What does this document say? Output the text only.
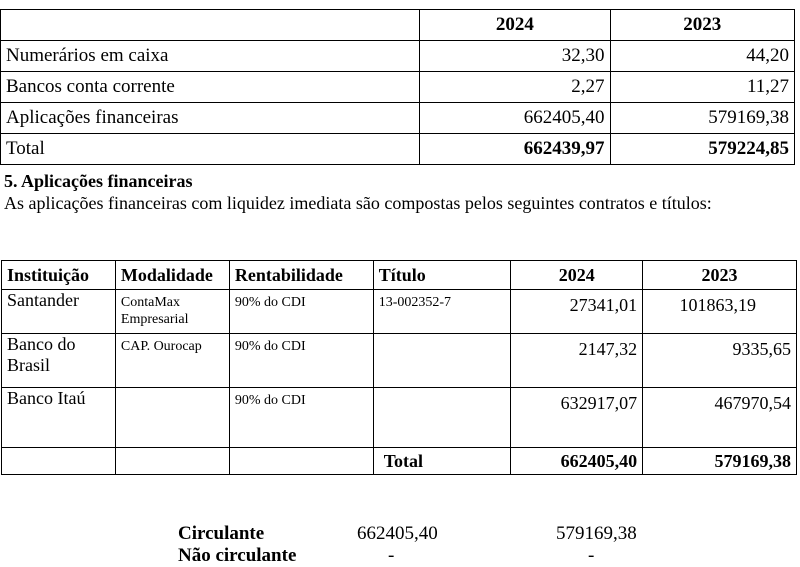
	2024	2023
Numerários em caixa	32,30	44,20
Bancos conta corrente	2,27	11,27
Aplicações financeiras	662405,40	579169,38
Total	662439,97	579224,85
5. Aplicações financeiras
As aplicações financeiras com liquidez imediata são compostas pelos seguintes contratos e títulos:
Instituição	Modalidade	Rentabilidade	Título	2024	2023
Santander	ContaMax Empresarial	90% do CDI	13-002352-7	27341,01	101863,19
Banco do Brasil	CAP. Ourocap	90% do CDI		2147,32	9335,65
Banco Itaú		90% do CDI		632917,07	467970,54
			Total	662405,40	579169,38
Circulante	662405,40	579169,38
Não circulante	-	-
